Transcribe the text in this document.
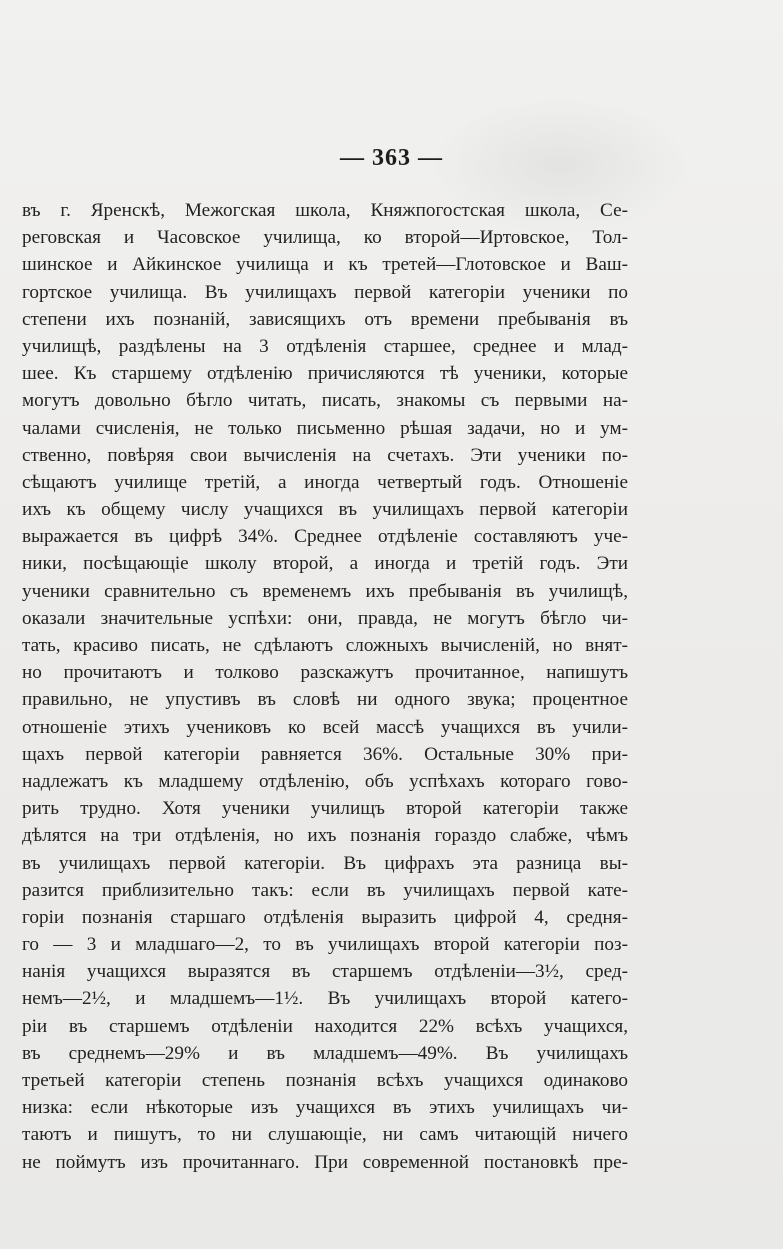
— 363 —
въ г. Яренскѣ, Межогская школа, Княжпогостская школа, Се-
реговская и Часовское училища, ко второй—Иртовское, Тол-
шинское и Айкинское училища и къ третей—Глотовское и Ваш-
гортское училища. Въ училищахъ первой категоріи ученики по
степени ихъ познаній, зависящихъ отъ времени пребыванія въ
училищѣ, раздѣлены на 3 отдѣленія старшее, среднее и млад-
шее. Къ старшему отдѣленію причисляются тѣ ученики, которые
могутъ довольно бѣгло читать, писать, знакомы съ первыми на-
чалами счисленія, не только письменно рѣшая задачи, но и ум-
ственно, повѣряя свои вычисленія на счетахъ. Эти ученики по-
сѣщаютъ училище третій, а иногда четвертый годъ. Отношеніе
ихъ къ общему числу учащихся въ училищахъ первой категоріи
выражается въ цифрѣ 34%. Среднее отдѣленіе составляютъ уче-
ники, посѣщающіе школу второй, а иногда и третій годъ. Эти
ученики сравнительно съ временемъ ихъ пребыванія въ училищѣ,
оказали значительные успѣхи: они, правда, не могутъ бѣгло чи-
тать, красиво писать, не сдѣлаютъ сложныхъ вычисленій, но внят-
но прочитаютъ и толково разскажутъ прочитанное, напишутъ
правильно, не упустивъ въ словѣ ни одного звука; процентное
отношеніе этихъ учениковъ ко всей массѣ учащихся въ учили-
щахъ первой категоріи равняется 36%. Остальные 30% при-
надлежатъ къ младшему отдѣленію, объ успѣхахъ котораго гово-
рить трудно. Хотя ученики училищъ второй категоріи также
дѣлятся на три отдѣленія, но ихъ познанія гораздо слабже, чѣмъ
въ училищахъ первой категоріи. Въ цифрахъ эта разница вы-
разится приблизительно такъ: если въ училищахъ первой кате-
горіи познанія старшаго отдѣленія выразить цифрой 4, средня-
го — 3 и младшаго—2, то въ училищахъ второй категоріи поз-
нанія учащихся выразятся въ старшемъ отдѣленіи—3½, сред-
немъ—2½, и младшемъ—1½. Въ училищахъ второй катего-
ріи въ старшемъ отдѣленіи находится 22% всѣхъ учащихся,
въ среднемъ—29% и въ младшемъ—49%. Въ училищахъ
третьей категоріи степень познанія всѣхъ учащихся одинаково
низка: если нѣкоторые изъ учащихся въ этихъ училищахъ чи-
таютъ и пишутъ, то ни слушающіе, ни самъ читающій ничего
не поймутъ изъ прочитаннаго. При современной постановкѣ пре-
